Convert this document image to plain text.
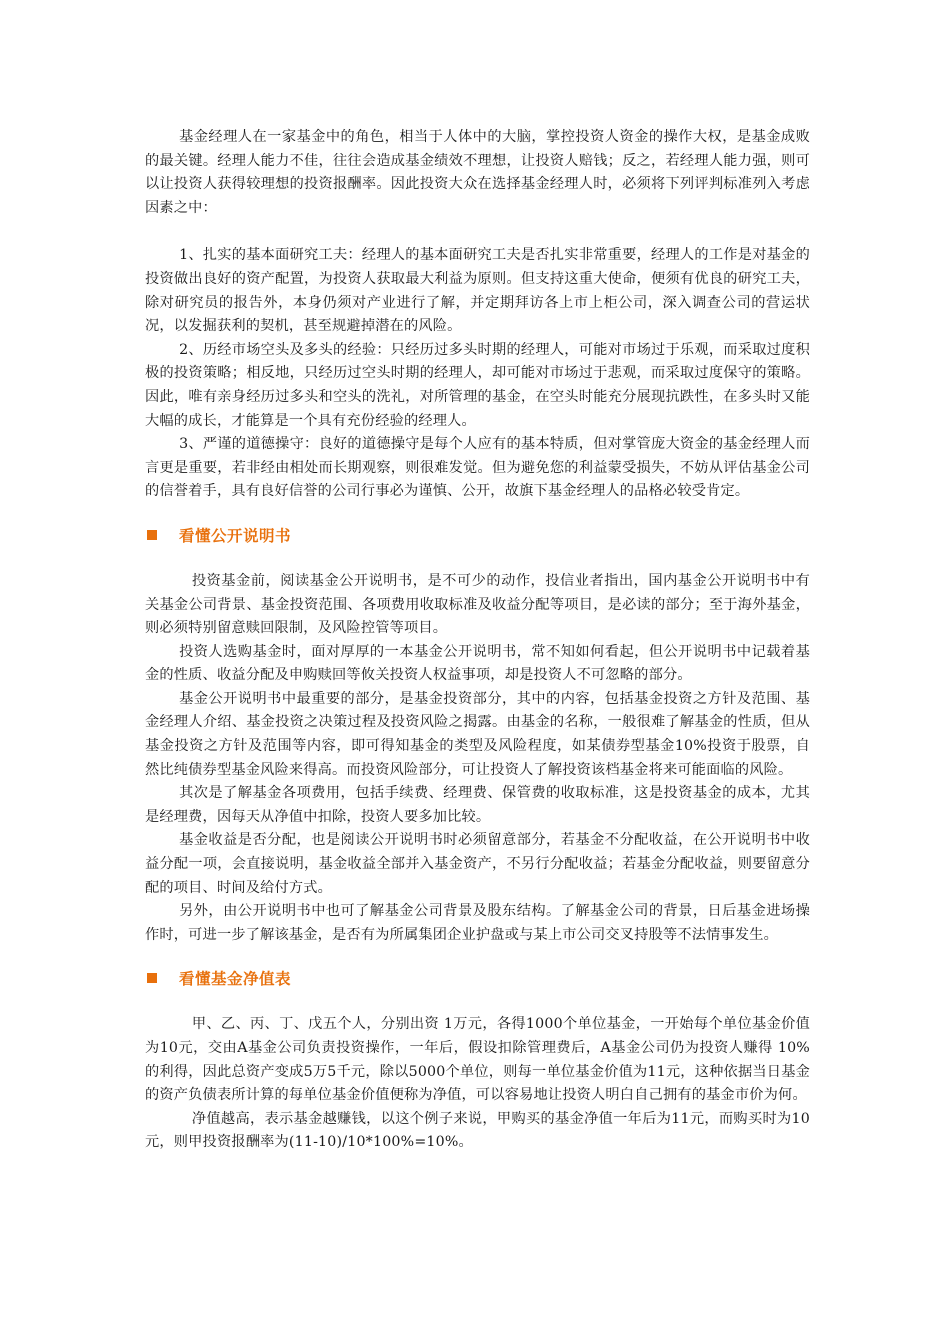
基金经理人在一家基金中的角色，相当于人体中的大脑，掌控投资人资金的操作大权，是基金成败的最关键。经理人能力不佳，往往会造成基金绩效不理想，让投资人赔钱；反之，若经理人能力强，则可以让投资人获得较理想的投资报酬率。因此投资大众在选择基金经理人时，必须将下列评判标准列入考虑因素之中：

1、扎实的基本面研究工夫：经理人的基本面研究工夫是否扎实非常重要，经理人的工作是对基金的投资做出良好的资产配置，为投资人获取最大利益为原则。但支持这重大使命，便须有优良的研究工夫，除对研究员的报告外，本身仍须对产业进行了解，并定期拜访各上市上柜公司，深入调查公司的营运状况，以发掘获利的契机，甚至规避掉潜在的风险。

2、历经市场空头及多头的经验：只经历过多头时期的经理人，可能对市场过于乐观，而采取过度积极的投资策略；相反地，只经历过空头时期的经理人，却可能对市场过于悲观，而采取过度保守的策略。因此，唯有亲身经历过多头和空头的洗礼，对所管理的基金，在空头时能充分展现抗跌性，在多头时又能大幅的成长，才能算是一个具有充份经验的经理人。

3、严谨的道德操守：良好的道德操守是每个人应有的基本特质，但对掌管庞大资金的基金经理人而言更是重要，若非经由相处而长期观察，则很难发觉。但为避免您的利益蒙受损失，不妨从评估基金公司的信誉着手，具有良好信誉的公司行事必为谨慎、公开，故旗下基金经理人的品格必较受肯定。

看懂公开说明书

投资基金前，阅读基金公开说明书，是不可少的动作，投信业者指出，国内基金公开说明书中有关基金公司背景、基金投资范围、各项费用收取标准及收益分配等项目，是必读的部分；至于海外基金，则必须特别留意赎回限制，及风险控管等项目。

投资人选购基金时，面对厚厚的一本基金公开说明书，常不知如何看起，但公开说明书中记载着基金的性质、收益分配及申购赎回等攸关投资人权益事项，却是投资人不可忽略的部分。

基金公开说明书中最重要的部分，是基金投资部分，其中的内容，包括基金投资之方针及范围、基金经理人介绍、基金投资之决策过程及投资风险之揭露。由基金的名称，一般很难了解基金的性质，但从基金投资之方针及范围等内容，即可得知基金的类型及风险程度，如某债券型基金10%投资于股票，自然比纯债券型基金风险来得高。而投资风险部分，可让投资人了解投资该档基金将来可能面临的风险。

其次是了解基金各项费用，包括手续费、经理费、保管费的收取标准，这是投资基金的成本，尤其是经理费，因每天从净值中扣除，投资人要多加比较。

基金收益是否分配，也是阅读公开说明书时必须留意部分，若基金不分配收益，在公开说明书中收益分配一项，会直接说明，基金收益全部并入基金资产，不另行分配收益；若基金分配收益，则要留意分配的项目、时间及给付方式。

另外，由公开说明书中也可了解基金公司背景及股东结构。了解基金公司的背景，日后基金进场操作时，可进一步了解该基金，是否有为所属集团企业护盘或与某上市公司交叉持股等不法情事发生。

看懂基金净值表

甲、乙、丙、丁、戊五个人，分别出资 1万元，各得1000个单位基金，一开始每个单位基金价值为10元，交由A基金公司负责投资操作，一年后，假设扣除管理费后，A基金公司仍为投资人赚得 10%的利得，因此总资产变成5万5千元，除以5000个单位，则每一单位基金价值为11元，这种依据当日基金的资产负债表所计算的每单位基金价值便称为净值，可以容易地让投资人明白自己拥有的基金市价为何。

净值越高，表示基金越赚钱，以这个例子来说，甲购买的基金净值一年后为11元，而购买时为10元，则甲投资报酬率为(11-10)/10*100%=10%。
